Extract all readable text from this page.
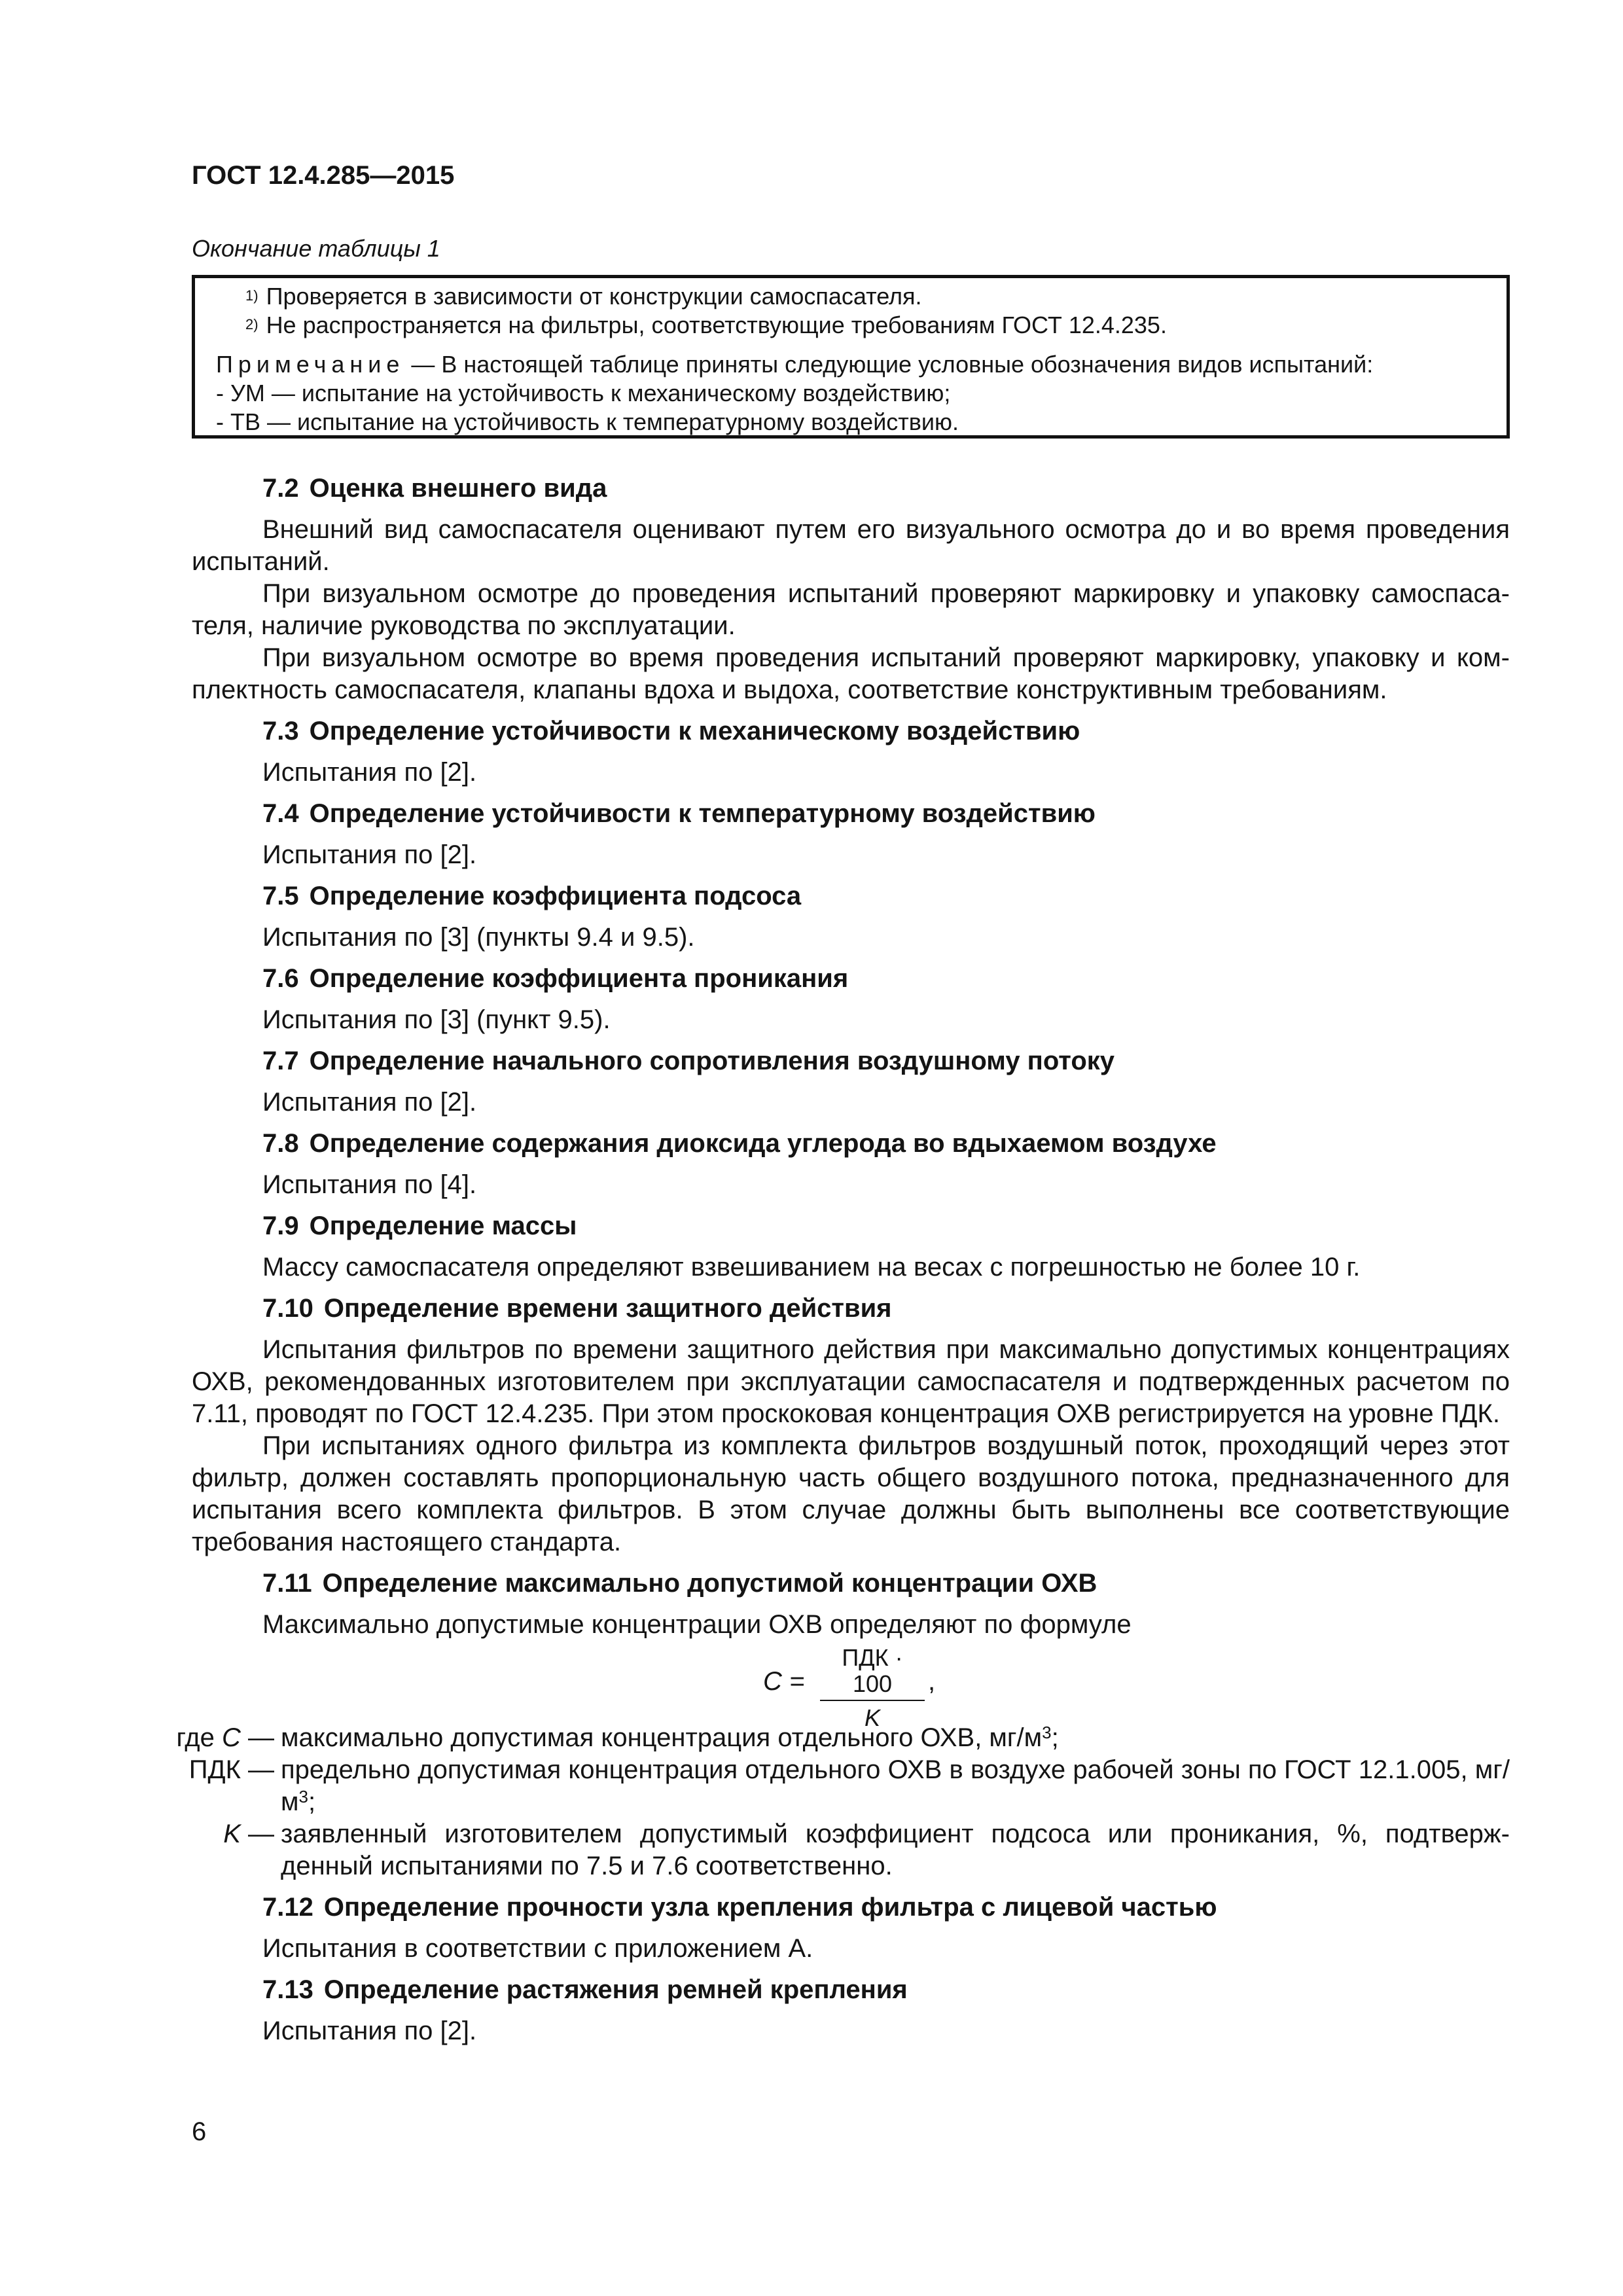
ГОСТ 12.4.285—2015
Окончание таблицы 1
$^{1)}$ Проверяется в зависимости от конструкции самоспасателя.
$^{2)}$ Не распространяется на фильтры, соответствующие требованиям ГОСТ 12.4.235.
Примечание — В настоящей таблице приняты следующие условные обозначения видов испытаний:
- УМ — испытание на устойчивость к механическому воздействию;
- ТВ — испытание на устойчивость к температурному воздействию.
7.2 Оценка внешнего вида

Внешний вид самоспасателя оценивают путем его визуального осмотра до и во время проведения испытаний.

При визуальном осмотре до проведения испытаний проверяют маркировку и упаковку самоспасателя, наличие руководства по эксплуатации.

При визуальном осмотре во время проведения испытаний проверяют маркировку, упаковку и комплектность самоспасателя, клапаны вдоха и выдоха, соответствие конструктивным требованиям.

7.3 Определение устойчивости к механическому воздействию
Испытания по [2].
7.4 Определение устойчивости к температурному воздействию
Испытания по [2].
7.5 Определение коэффициента подсоса
Испытания по [3] (пункты 9.4 и 9.5).
7.6 Определение коэффициента проникания
Испытания по [3] (пункт 9.5).
7.7 Определение начального сопротивления воздушному потоку
Испытания по [2].
7.8 Определение содержания диоксида углерода во вдыхаемом воздухе
Испытания по [4].
7.9 Определение массы
Массу самоспасателя определяют взвешиванием на весах с погрешностью не более 10 г.
7.10 Определение времени защитного действия

Испытания фильтров по времени защитного действия при максимально допустимых концентрациях ОХВ, рекомендованных изготовителем при эксплуатации самоспасателя и подтвержденных расчетом по 7.11, проводят по ГОСТ 12.4.235. При этом проскоковая концентрация ОХВ регистрируется на уровне ПДК.

При испытаниях одного фильтра из комплекта фильтров воздушный поток, проходящий через этот фильтр, должен составлять пропорциональную часть общего воздушного потока, предназначенного для испытания всего комплекта фильтров. В этом случае должны быть выполнены все соответствующие требования настоящего стандарта.

7.11 Определение максимально допустимой концентрации ОХВ
Максимально допустимые концентрации ОХВ определяют по формуле
C =
ПДК · 100
K
,
где C — максимально допустимая концентрация отдельного ОХВ, $мг/м^3$;
ПДК — предельно допустимая концентрация отдельного ОХВ в воздухе рабочей зоны по ГОСТ 12.1.005, $мг/м^3$;
K — заявленный изготовителем допустимый коэффициент подсоса или проникания, %, подтвержденный испытаниями по 7.5 и 7.6 соответственно.
7.12 Определение прочности узла крепления фильтра с лицевой частью
Испытания в соответствии с приложением А.
7.13 Определение растяжения ремней крепления
Испытания по [2].
6
